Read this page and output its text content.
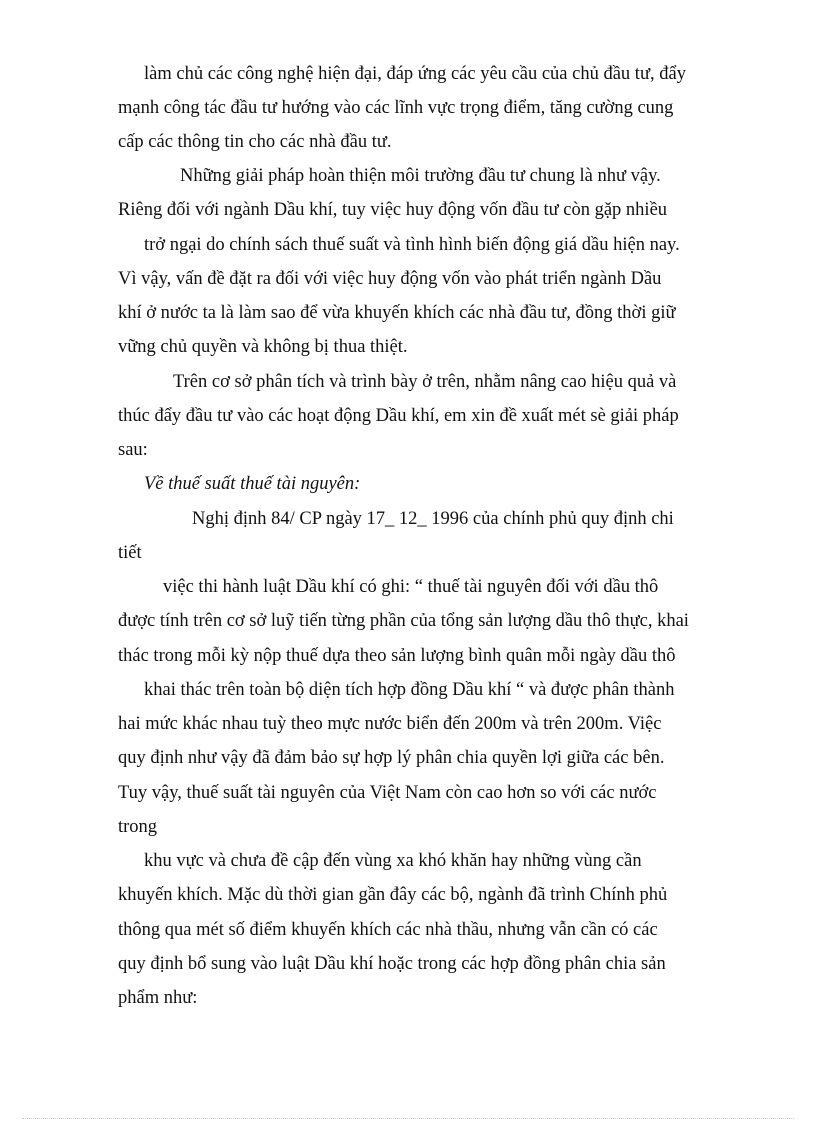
làm chủ các công nghệ hiện đại, đáp ứng các yêu cầu của chủ đầu tư, đẩy
mạnh công tác đầu tư hướng vào các lĩnh vực trọng điểm, tăng cường cung
cấp các thông tin cho các nhà đầu tư.
Những giải pháp hoàn thiện môi trường đầu tư chung là như vậy.
Riêng đối với ngành Dầu khí, tuy việc huy động vốn đầu tư còn gặp nhiều
trở ngại do chính sách thuế suất và tình hình biến động giá dầu hiện nay.
Vì vậy, vấn đề đặt ra đối với việc huy động vốn vào phát triển ngành Dầu
khí ở nước ta là làm sao để vừa khuyến khích các nhà đầu tư, đồng thời giữ
vững chủ quyền và không bị thua thiệt.
Trên cơ sở phân tích và trình bày ở trên, nhằm nâng cao hiệu quả và
thúc đẩy đầu tư vào các hoạt động Dầu khí, em xin đề xuất mét sè giải pháp
sau:
Về thuế suất thuế tài nguyên:
Nghị định 84/ CP ngày 17_ 12_ 1996 của chính phủ quy định chi
tiết
việc thi hành luật Dầu khí có ghi: “ thuế tài nguyên đối với dầu thô
được tính trên cơ sở luỹ tiến từng phần của tổng sản lượng dầu thô thực, khai
thác trong mỗi kỳ nộp thuế dựa theo sản lượng bình quân mỗi ngày dầu thô
khai thác trên toàn bộ diện tích hợp đồng Dầu khí “ và được phân thành
hai mức khác nhau tuỳ theo mực nước biển đến 200m và trên 200m. Việc
quy định như vậy đã đảm bảo sự hợp lý phân chia quyền lợi giữa các bên.
Tuy vậy, thuế suất tài nguyên của Việt Nam còn cao hơn so với các nước
trong
khu vực và chưa đề cập đến vùng xa khó khăn hay những vùng cần
khuyến khích. Mặc dù thời gian gần đây các bộ, ngành đã trình Chính phủ
thông qua mét số điểm khuyến khích các nhà thầu, nhưng vẫn cần có các
quy định bổ sung vào luật Dầu khí hoặc trong các hợp đồng phân chia sản
phẩm như:
